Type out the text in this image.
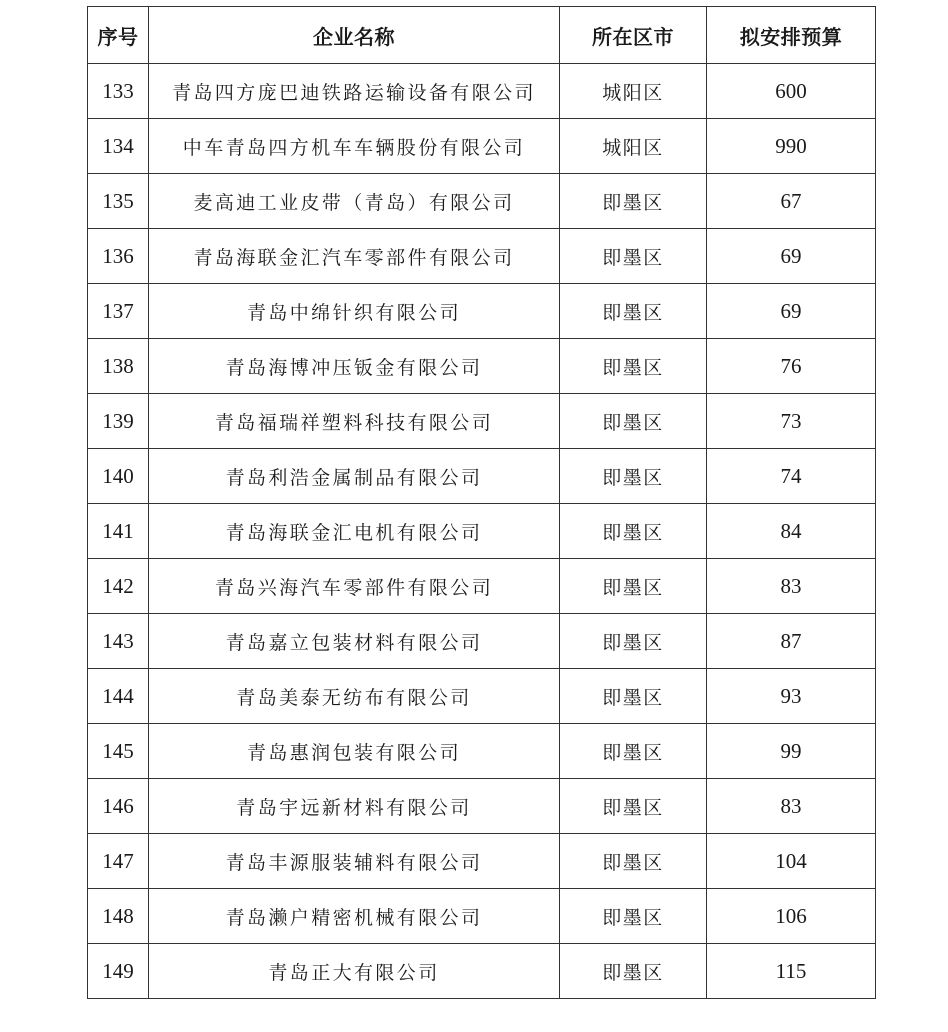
序号	企业名称	所在区市	拟安排预算
133	青岛四方庞巴迪铁路运输设备有限公司	城阳区	600
134	中车青岛四方机车车辆股份有限公司	城阳区	990
135	麦高迪工业皮带（青岛）有限公司	即墨区	67
136	青岛海联金汇汽车零部件有限公司	即墨区	69
137	青岛中绵针织有限公司	即墨区	69
138	青岛海博冲压钣金有限公司	即墨区	76
139	青岛福瑞祥塑料科技有限公司	即墨区	73
140	青岛利浩金属制品有限公司	即墨区	74
141	青岛海联金汇电机有限公司	即墨区	84
142	青岛兴海汽车零部件有限公司	即墨区	83
143	青岛嘉立包装材料有限公司	即墨区	87
144	青岛美泰无纺布有限公司	即墨区	93
145	青岛惠润包装有限公司	即墨区	99
146	青岛宇远新材料有限公司	即墨区	83
147	青岛丰源服装辅料有限公司	即墨区	104
148	青岛濑户精密机械有限公司	即墨区	106
149	青岛正大有限公司	即墨区	115
